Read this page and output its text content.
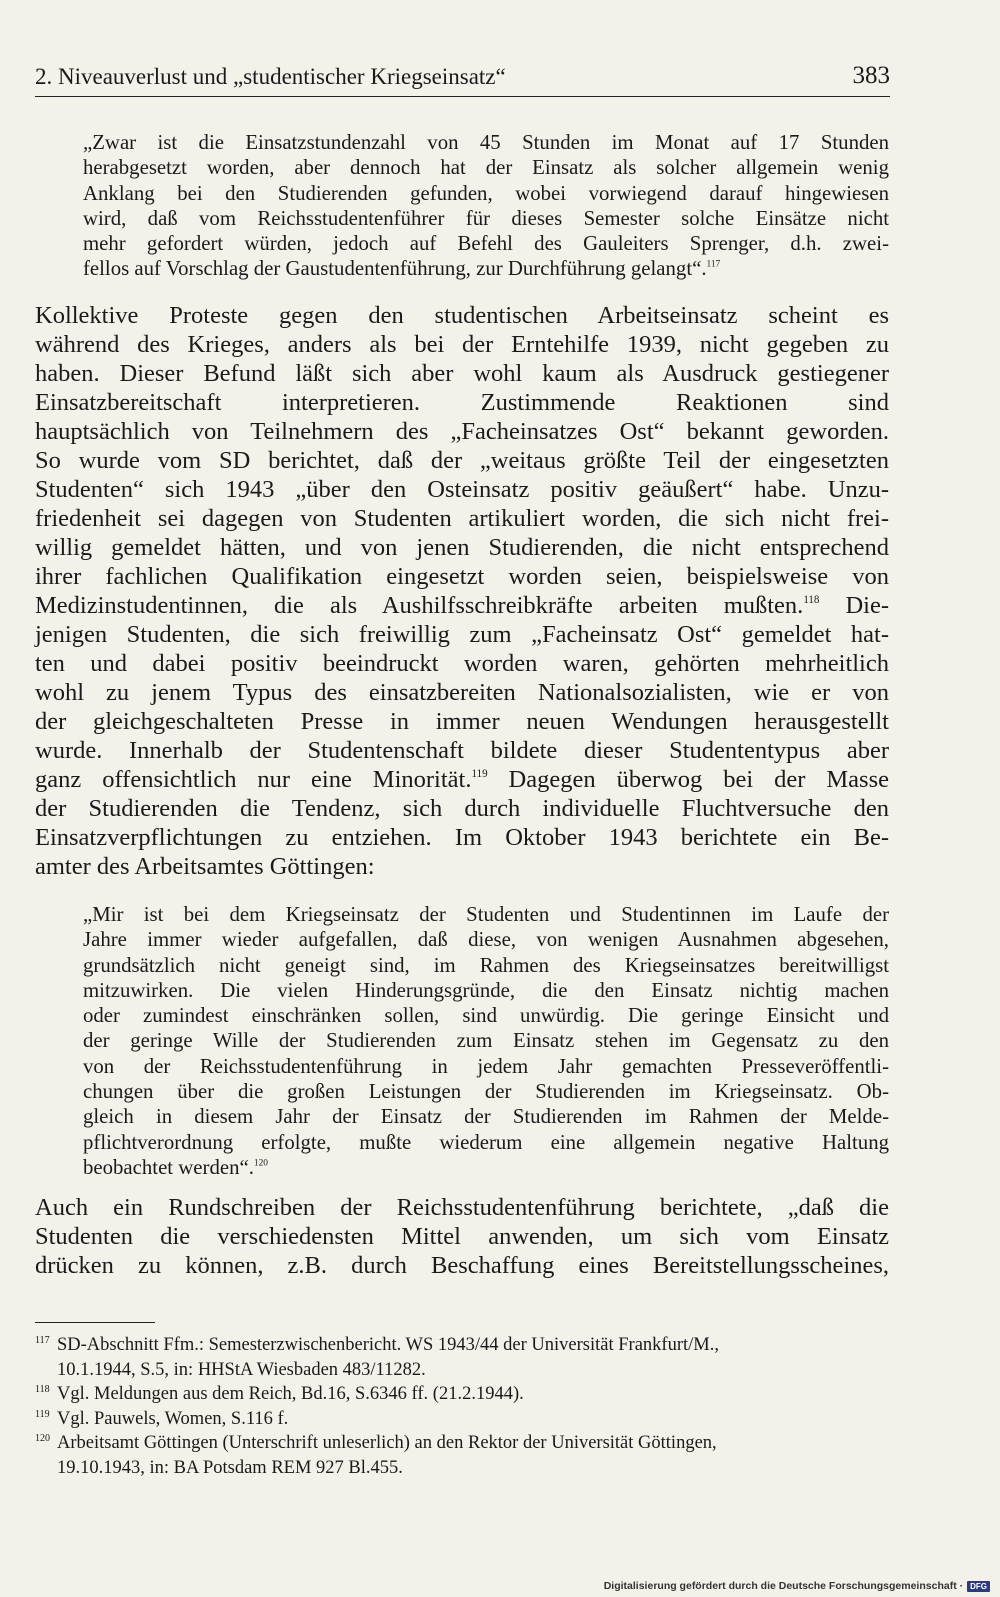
2. Niveauverlust und „studentischer Kriegseinsatz“	383
„Zwar ist die Einsatzstundenzahl von 45 Stunden im Monat auf 17 Stunden
herabgesetzt worden, aber dennoch hat der Einsatz als solcher allgemein wenig
Anklang bei den Studierenden gefunden, wobei vorwiegend darauf hingewiesen
wird, daß vom Reichsstudentenführer für dieses Semester solche Einsätze nicht
mehr gefordert würden, jedoch auf Befehl des Gauleiters Sprenger, d.h. zwei-
fellos auf Vorschlag der Gaustudentenführung, zur Durchführung gelangt“.$^{117}$
Kollektive Proteste gegen den studentischen Arbeitseinsatz scheint es
während des Krieges, anders als bei der Erntehilfe 1939, nicht gegeben zu
haben. Dieser Befund läßt sich aber wohl kaum als Ausdruck gestiegener
Einsatzbereitschaft interpretieren. Zustimmende Reaktionen sind
hauptsächlich von Teilnehmern des „Facheinsatzes Ost“ bekannt geworden.
So wurde vom SD berichtet, daß der „weitaus größte Teil der eingesetzten
Studenten“ sich 1943 „über den Osteinsatz positiv geäußert“ habe. Unzu-
friedenheit sei dagegen von Studenten artikuliert worden, die sich nicht frei-
willig gemeldet hätten, und von jenen Studierenden, die nicht entsprechend
ihrer fachlichen Qualifikation eingesetzt worden seien, beispielsweise von
Medizinstudentinnen, die als Aushilfsschreibkräfte arbeiten mußten.$^{118}$ Die-
jenigen Studenten, die sich freiwillig zum „Facheinsatz Ost“ gemeldet hat-
ten und dabei positiv beeindruckt worden waren, gehörten mehrheitlich
wohl zu jenem Typus des einsatzbereiten Nationalsozialisten, wie er von
der gleichgeschalteten Presse in immer neuen Wendungen herausgestellt
wurde. Innerhalb der Studentenschaft bildete dieser Studententypus aber
ganz offensichtlich nur eine Minorität.$^{119}$ Dagegen überwog bei der Masse
der Studierenden die Tendenz, sich durch individuelle Fluchtversuche den
Einsatzverpflichtungen zu entziehen. Im Oktober 1943 berichtete ein Be-
amter des Arbeitsamtes Göttingen:
„Mir ist bei dem Kriegseinsatz der Studenten und Studentinnen im Laufe der
Jahre immer wieder aufgefallen, daß diese, von wenigen Ausnahmen abgesehen,
grundsätzlich nicht geneigt sind, im Rahmen des Kriegseinsatzes bereitwilligst
mitzuwirken. Die vielen Hinderungsgründe, die den Einsatz nichtig machen
oder zumindest einschränken sollen, sind unwürdig. Die geringe Einsicht und
der geringe Wille der Studierenden zum Einsatz stehen im Gegensatz zu den
von der Reichsstudentenführung in jedem Jahr gemachten Presseveröffentli-
chungen über die großen Leistungen der Studierenden im Kriegseinsatz. Ob-
gleich in diesem Jahr der Einsatz der Studierenden im Rahmen der Melde-
pflichtverordnung erfolgte, mußte wiederum eine allgemein negative Haltung
beobachtet werden“.$^{120}$
Auch ein Rundschreiben der Reichsstudentenführung berichtete, „daß die
Studenten die verschiedensten Mittel anwenden, um sich vom Einsatz
drücken zu können, z.B. durch Beschaffung eines Bereitstellungsscheines,
117 SD-Abschnitt Ffm.: Semesterzwischenbericht. WS 1943/44 der Universität Frankfurt/M.,
10.1.1944, S.5, in: HHStA Wiesbaden 483/11282.
118 Vgl. Meldungen aus dem Reich, Bd.16, S.6346 ff. (21.2.1944).
119 Vgl. Pauwels, Women, S.116 f.
120 Arbeitsamt Göttingen (Unterschrift unleserlich) an den Rektor der Universität Göttingen,
19.10.1943, in: BA Potsdam REM 927 Bl.455.
Digitalisierung gefördert durch die Deutsche Forschungsgemeinschaft · DFG
